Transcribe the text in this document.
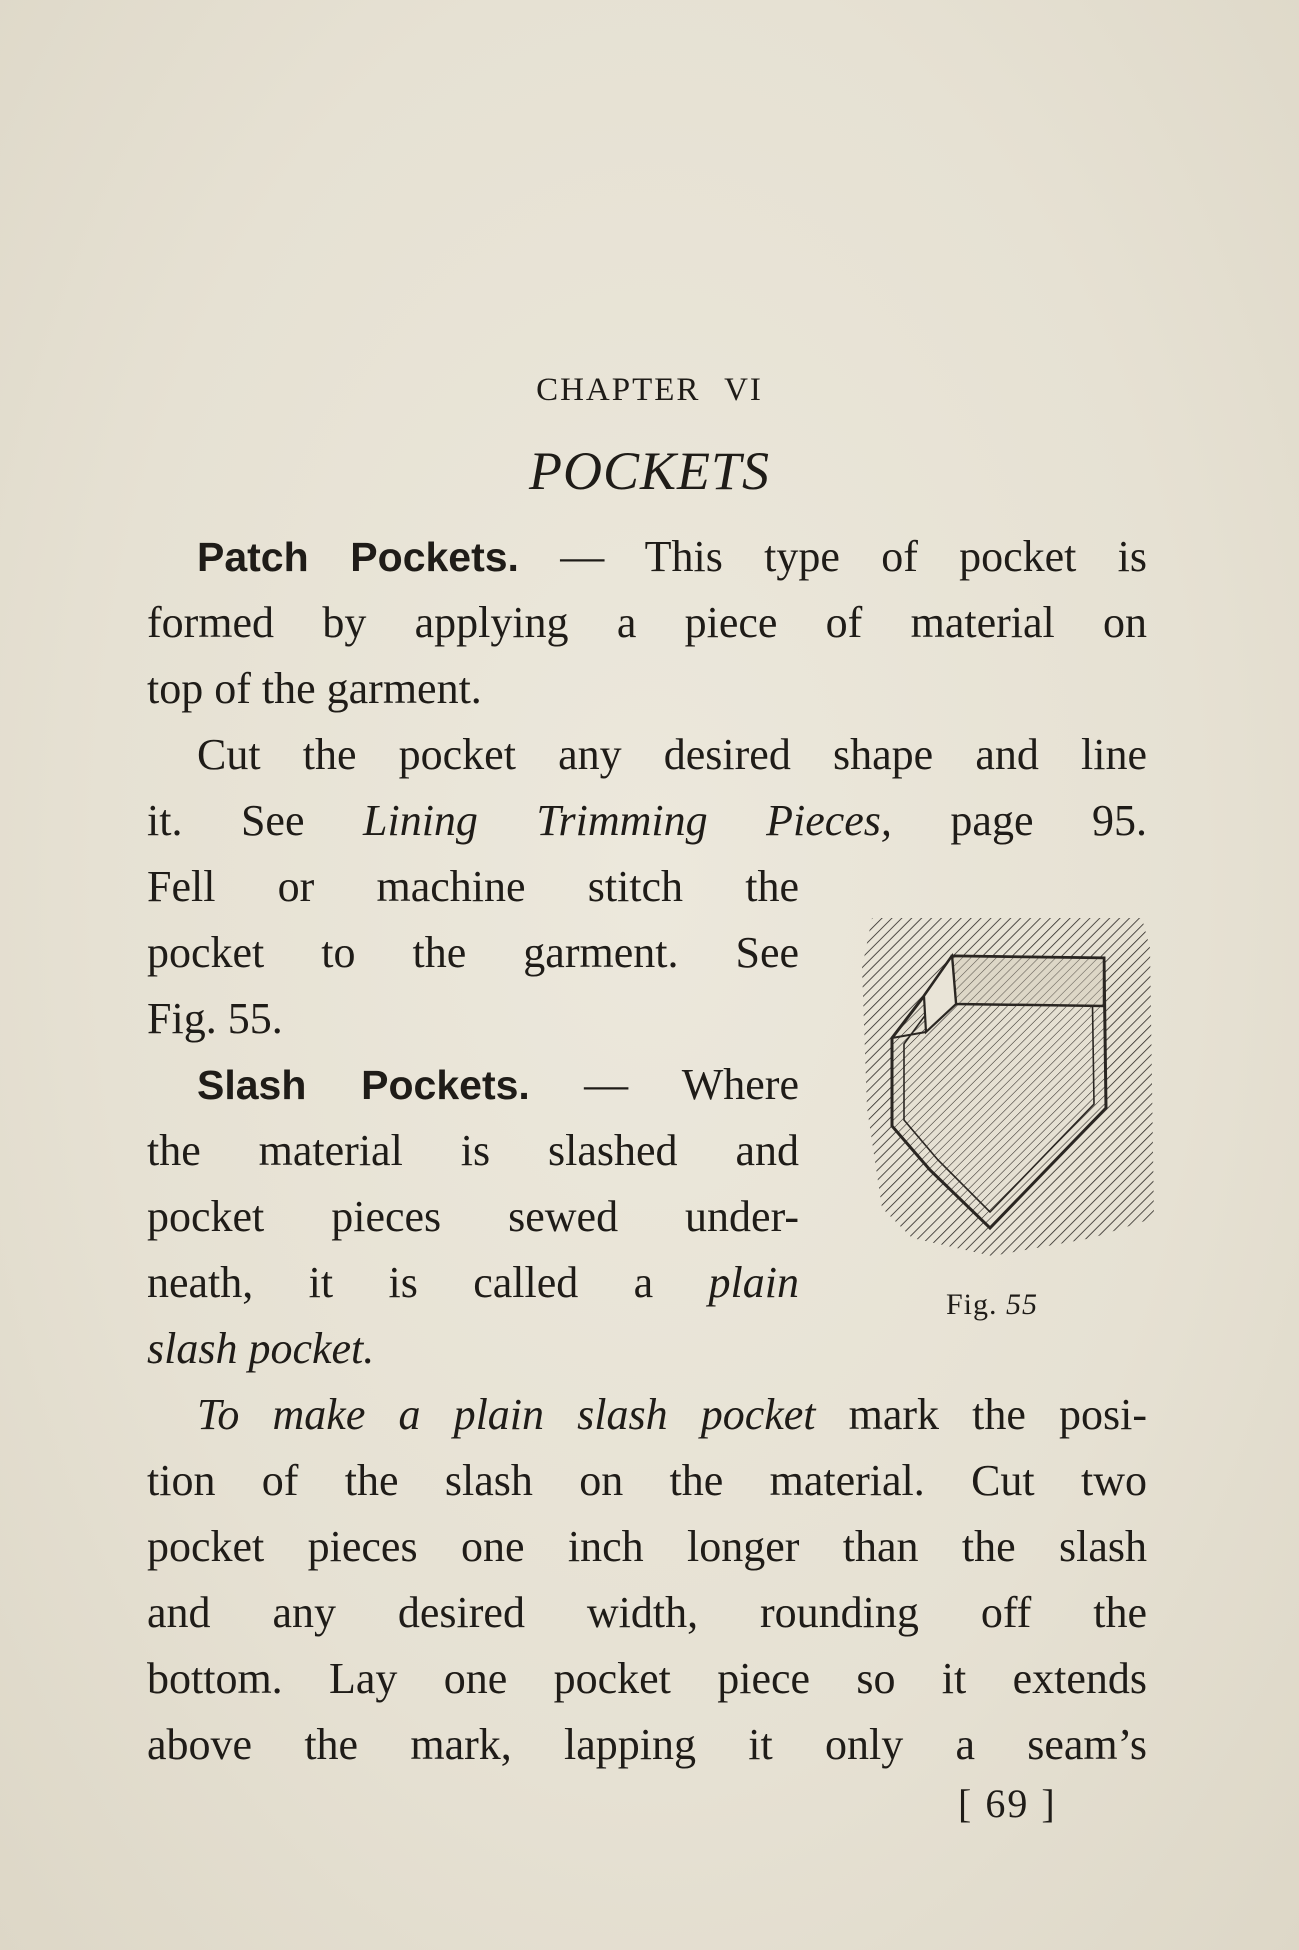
CHAPTER VI
POCKETS
Patch Pockets. — This type of pocket is
formed by applying a piece of material on
top of the garment.
Cut the pocket any desired shape and line
it. See Lining Trimming Pieces, page 95.
Fell or machine stitch the
pocket to the garment. See
Fig. 55.
Slash Pockets. — Where
the material is slashed and
pocket pieces sewed under-
neath, it is called a plain
slash pocket.
To make a plain slash pocket mark the posi-
tion of the slash on the material. Cut two
pocket pieces one inch longer than the slash
and any desired width, rounding off the
bottom. Lay one pocket piece so it extends
above the mark, lapping it only a seam’s
Fig. 55
[ 69 ]
